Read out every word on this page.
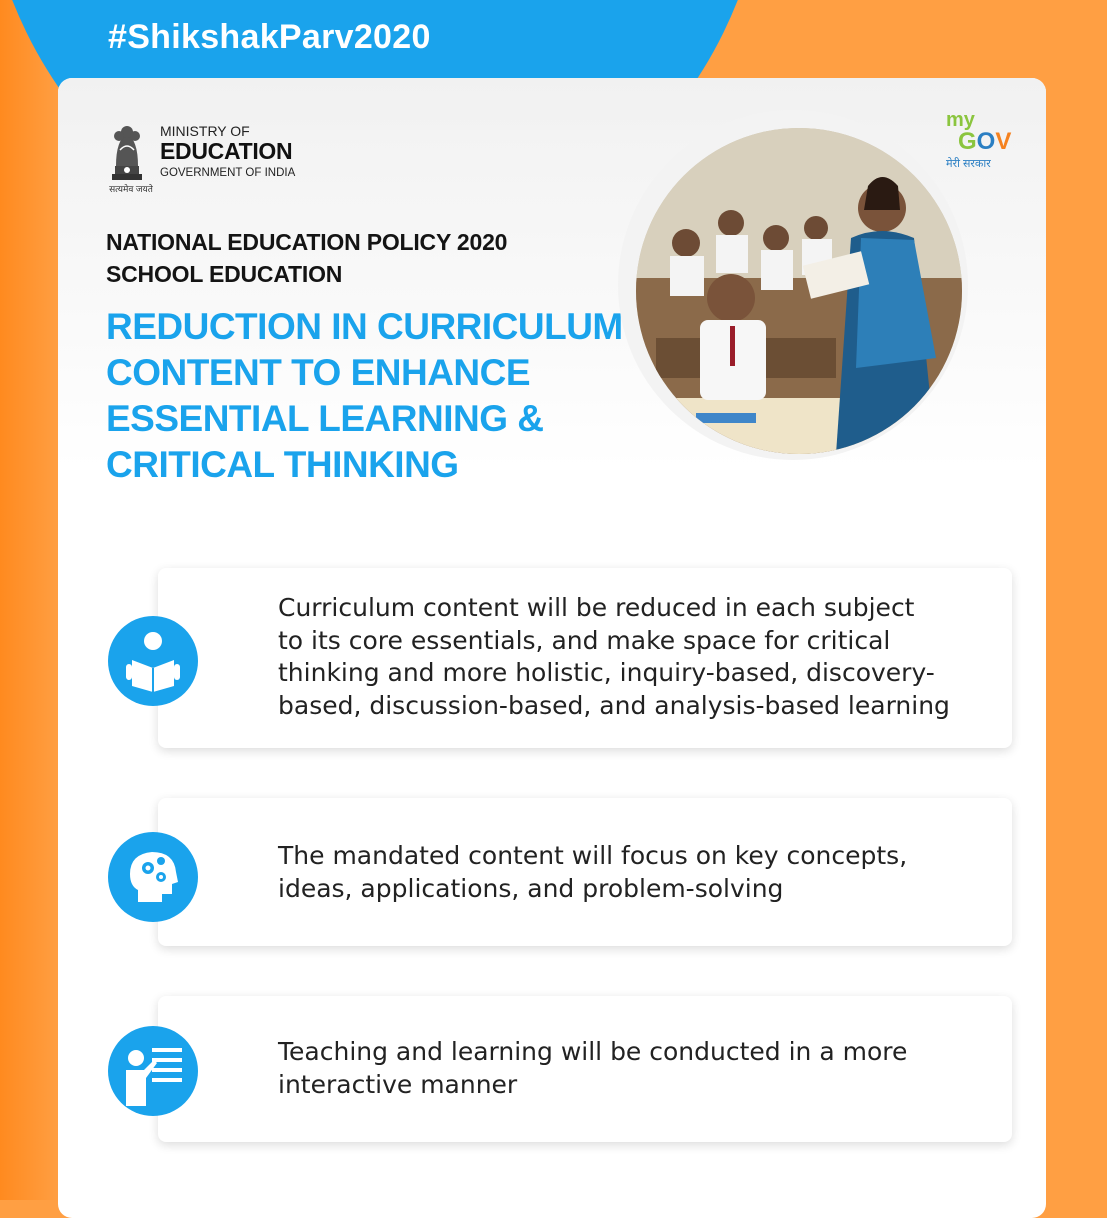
#ShikshakParv2020
MINISTRY OF
EDUCATION
GOVERNMENT OF INDIA
सत्यमेव जयते
my
GOV
मेरी सरकार
NATIONAL EDUCATION POLICY 2020
SCHOOL EDUCATION
REDUCTION IN CURRICULUM CONTENT TO ENHANCE ESSENTIAL LEARNING & CRITICAL THINKING

Curriculum content will be reduced in each subject
to its core essentials, and make space for critical
thinking and more holistic, inquiry-based, discovery-
based, discussion-based, and analysis-based learning

The mandated content will focus on key concepts,
ideas, applications, and problem-solving

Teaching and learning will be conducted in a more
interactive manner
